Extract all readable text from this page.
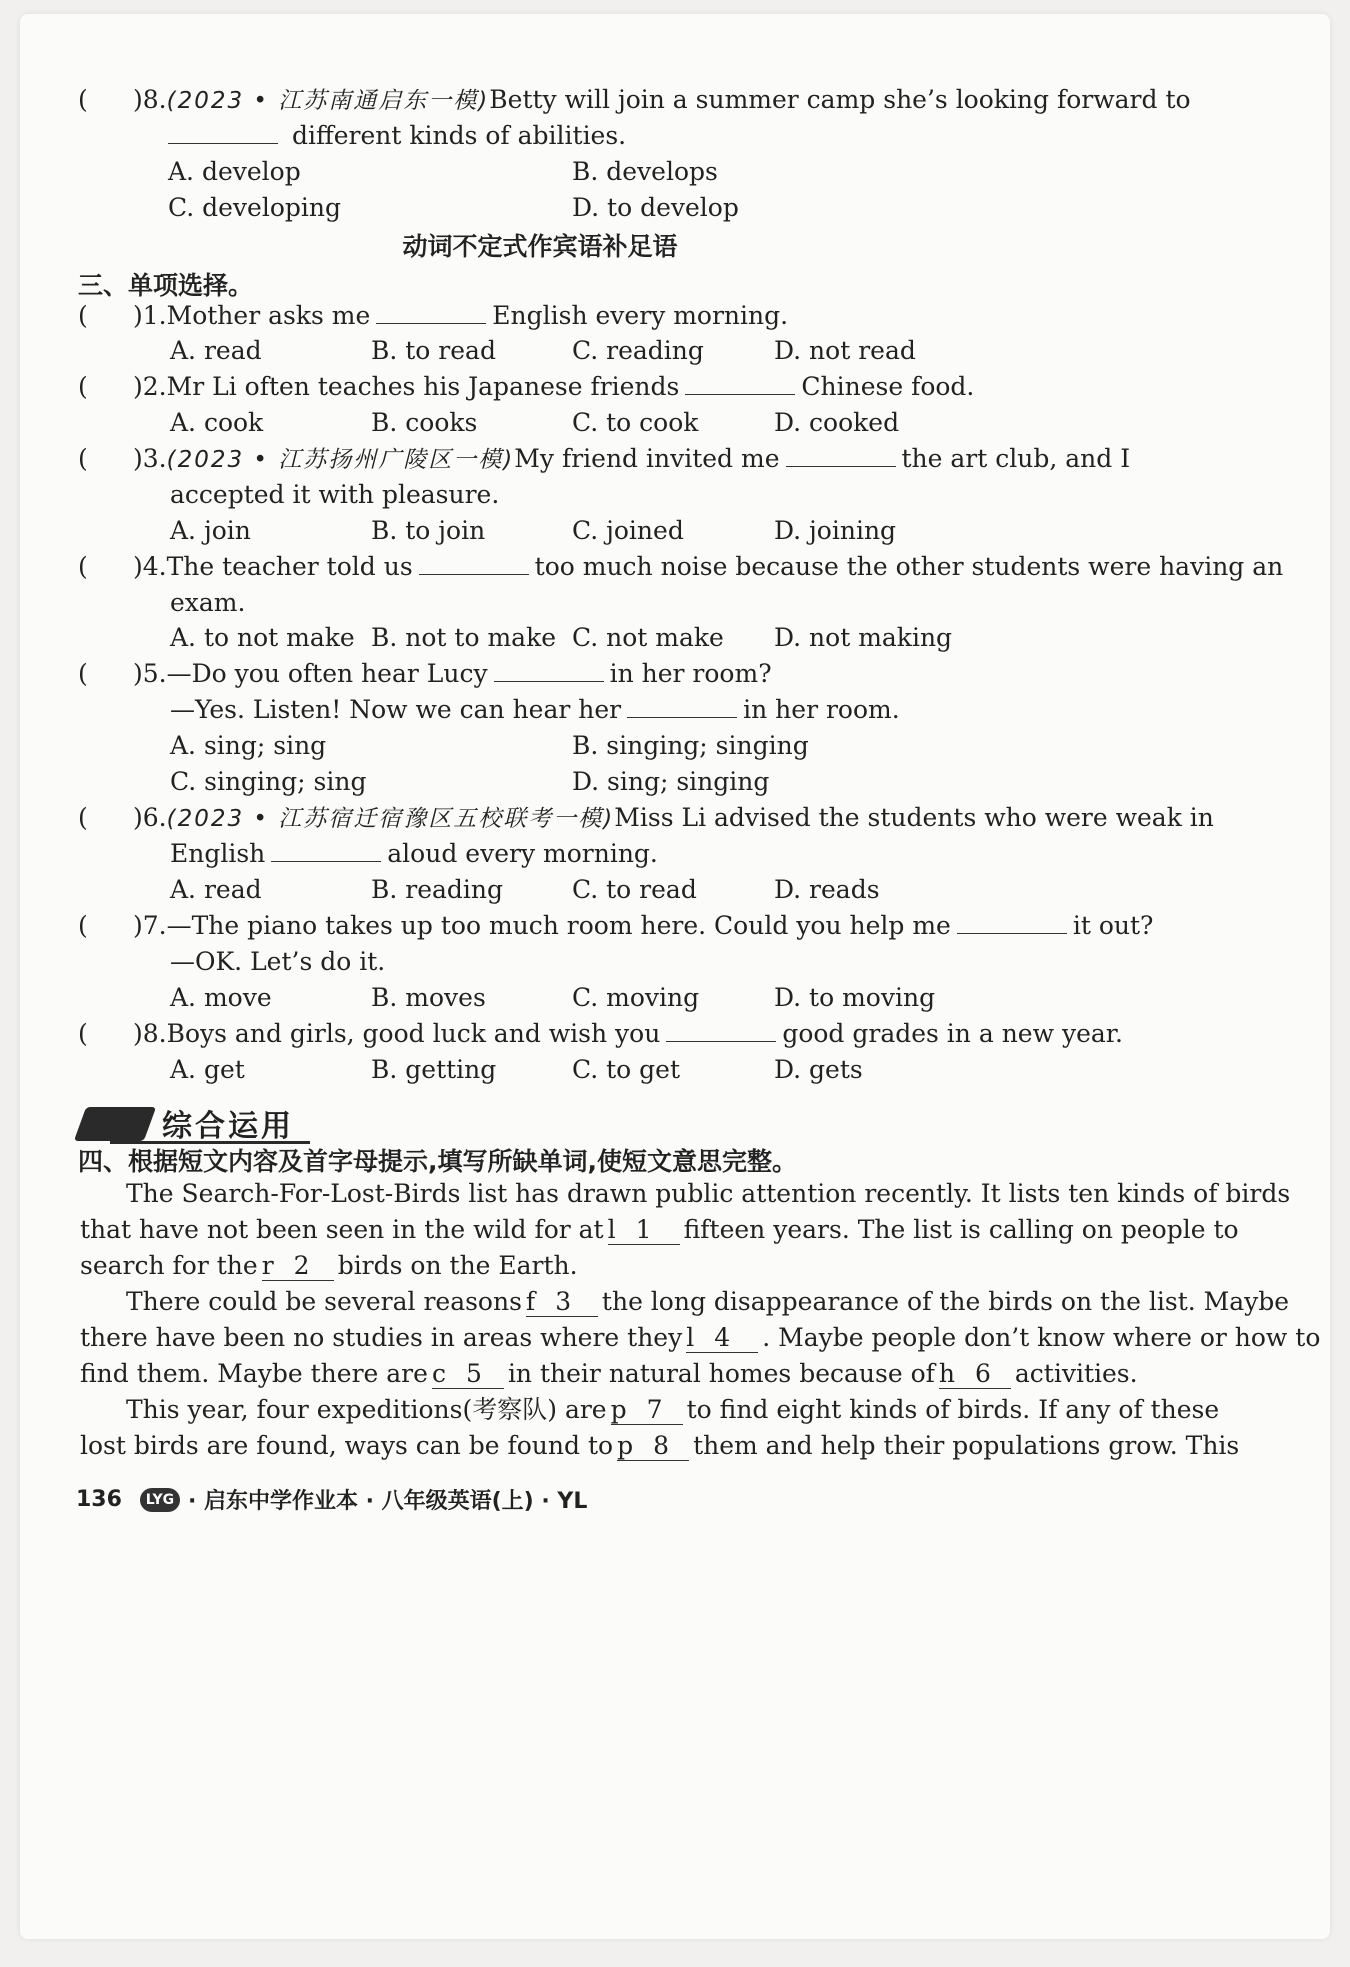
( )8.(2023 • 江苏南通启东一模)Betty will join a summer camp she’s looking forward to
different kinds of abilities.
A. develop	B. develops
C. developing	D. to develop
动词不定式作宾语补足语
三、单项选择。
( )1.Mother asks me	English every morning.
A. read	B. to read	C. reading	D. not read
( )2.Mr Li often teaches his Japanese friends	Chinese food.
A. cook	B. cooks	C. to cook	D. cooked
( )3.(2023 • 江苏扬州广陵区一模)My friend invited me	the art club, and I
accepted it with pleasure.
A. join	B. to join	C. joined	D. joining
( )4.The teacher told us	too much noise because the other students were having an
exam.
A. to not make B. not to make C. not make D. not making
( )5.—Do you often hear Lucy	in her room?
—Yes. Listen! Now we can hear her	in her room.
A. sing; sing	B. singing; singing
C. singing; sing	D. sing; singing
( )6.(2023 • 江苏宿迁宿豫区五校联考一模)Miss Li advised the students who were weak in
English	aloud every morning.
A. read	B. reading	C. to read	D. reads
( )7.—The piano takes up too much room here. Could you help me	it out?
—OK. Let’s do it.
A. move	B. moves	C. moving	D. to moving
( )8.Boys and girls, good luck and wish you	good grades in a new year.
A. get	B. getting	C. to get	D. gets
综合运用
四、根据短文内容及首字母提示,填写所缺单词,使短文意思完整。
The Search-For-Lost-Birds list has drawn public attention recently. It lists ten kinds of birds
that have not been seen in the wild for at l 1 fifteen years. The list is calling on people to
search for the r 2 birds on the Earth.
There could be several reasons f 3 the long disappearance of the birds on the list. Maybe
there have been no studies in areas where they l 4 . Maybe people don’t know where or how to
find them. Maybe there are c 5 in their natural homes because of h 6 activities.
This year, four expeditions(考察队) are p 7 to find eight kinds of birds. If any of these
lost birds are found, ways can be found to p 8 them and help their populations grow. This
136	LYG · 启东中学作业本 · 八年级英语(上) · YL
